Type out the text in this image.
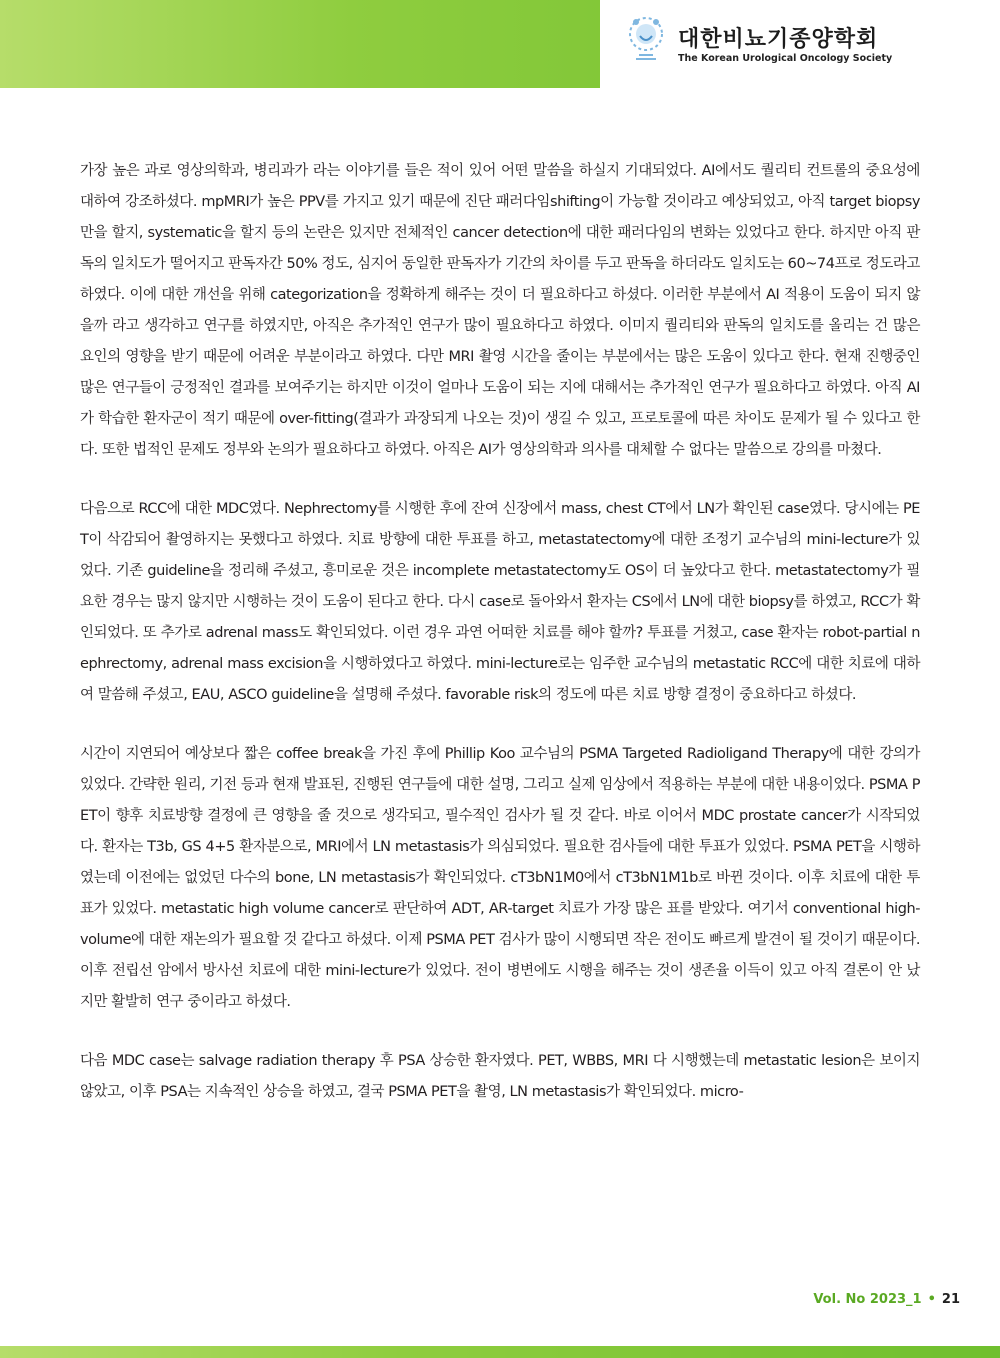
대한비뇨기종양학회
The Korean Urological Oncology Society

가장 높은 과로 영상의학과, 병리과가 라는 이야기를 들은 적이 있어 어떤 말씀을 하실지 기대되었다. AI에서도 퀄리티 컨트롤의 중요성에 대하여 강조하셨다. mpMRI가 높은 PPV를 가지고 있기 때문에 진단 패러다임shifting이 가능할 것이라고 예상되었고, 아직 target biopsy만을 할지, systematic을 할지 등의 논란은 있지만 전체적인 cancer detection에 대한 패러다임의 변화는 있었다고 한다. 하지만 아직 판독의 일치도가 떨어지고 판독자간 50% 정도, 심지어 동일한 판독자가 기간의 차이를 두고 판독을 하더라도 일치도는 60~74프로 정도라고 하였다. 이에 대한 개선을 위해 categorization을 정확하게 해주는 것이 더 필요하다고 하셨다. 이러한 부분에서 AI 적용이 도움이 되지 않을까 라고 생각하고 연구를 하였지만, 아직은 추가적인 연구가 많이 필요하다고 하였다. 이미지 퀄리티와 판독의 일치도를 올리는 건 많은 요인의 영향을 받기 때문에 어려운 부분이라고 하였다. 다만 MRI 촬영 시간을 줄이는 부분에서는 많은 도움이 있다고 한다. 현재 진행중인 많은 연구들이 긍정적인 결과를 보여주기는 하지만 이것이 얼마나 도움이 되는 지에 대해서는 추가적인 연구가 필요하다고 하였다. 아직 AI가 학습한 환자군이 적기 때문에 over-fitting(결과가 과장되게 나오는 것)이 생길 수 있고, 프로토콜에 따른 차이도 문제가 될 수 있다고 한다. 또한 법적인 문제도 정부와 논의가 필요하다고 하였다. 아직은 AI가 영상의학과 의사를 대체할 수 없다는 말씀으로 강의를 마쳤다.

다음으로 RCC에 대한 MDC였다. Nephrectomy를 시행한 후에 잔여 신장에서 mass, chest CT에서 LN가 확인된 case였다. 당시에는 PET이 삭감되어 촬영하지는 못했다고 하였다. 치료 방향에 대한 투표를 하고, metastatectomy에 대한 조정기 교수님의 mini-lecture가 있었다. 기존 guideline을 정리해 주셨고, 흥미로운 것은 incomplete metastatectomy도 OS이 더 높았다고 한다. metastatectomy가 필요한 경우는 많지 않지만 시행하는 것이 도움이 된다고 한다. 다시 case로 돌아와서 환자는 CS에서 LN에 대한 biopsy를 하였고, RCC가 확인되었다. 또 추가로 adrenal mass도 확인되었다. 이런 경우 과연 어떠한 치료를 해야 할까? 투표를 거쳤고, case 환자는 robot-partial nephrectomy, adrenal mass excision을 시행하였다고 하였다. mini-lecture로는 임주한 교수님의 metastatic RCC에 대한 치료에 대하여 말씀해 주셨고, EAU, ASCO guideline을 설명해 주셨다. favorable risk의 정도에 따른 치료 방향 결정이 중요하다고 하셨다.

시간이 지연되어 예상보다 짧은 coffee break을 가진 후에 Phillip Koo 교수님의 PSMA Targeted Radioligand Therapy에 대한 강의가 있었다. 간략한 원리, 기전 등과 현재 발표된, 진행된 연구들에 대한 설명, 그리고 실제 임상에서 적용하는 부분에 대한 내용이었다. PSMA PET이 향후 치료방향 결정에 큰 영향을 줄 것으로 생각되고, 필수적인 검사가 될 것 같다. 바로 이어서 MDC prostate cancer가 시작되었다. 환자는 T3b, GS 4+5 환자분으로, MRI에서 LN metastasis가 의심되었다. 필요한 검사들에 대한 투표가 있었다. PSMA PET을 시행하였는데 이전에는 없었던 다수의 bone, LN metastasis가 확인되었다. cT3bN1M0에서 cT3bN1M1b로 바뀐 것이다. 이후 치료에 대한 투표가 있었다. metastatic high volume cancer로 판단하여 ADT, AR-target 치료가 가장 많은 표를 받았다. 여기서 conventional high-volume에 대한 재논의가 필요할 것 같다고 하셨다. 이제 PSMA PET 검사가 많이 시행되면 작은 전이도 빠르게 발견이 될 것이기 때문이다. 이후 전립선 암에서 방사선 치료에 대한 mini-lecture가 있었다. 전이 병변에도 시행을 해주는 것이 생존율 이득이 있고 아직 결론이 안 났지만 활발히 연구 중이라고 하셨다.

다음 MDC case는 salvage radiation therapy 후 PSA 상승한 환자였다. PET, WBBS, MRI 다 시행했는데 metastatic lesion은 보이지 않았고, 이후 PSA는 지속적인 상승을 하였고, 결국 PSMA PET을 촬영, LN metastasis가 확인되었다. micro-

Vol. No 2023_1 • 21
